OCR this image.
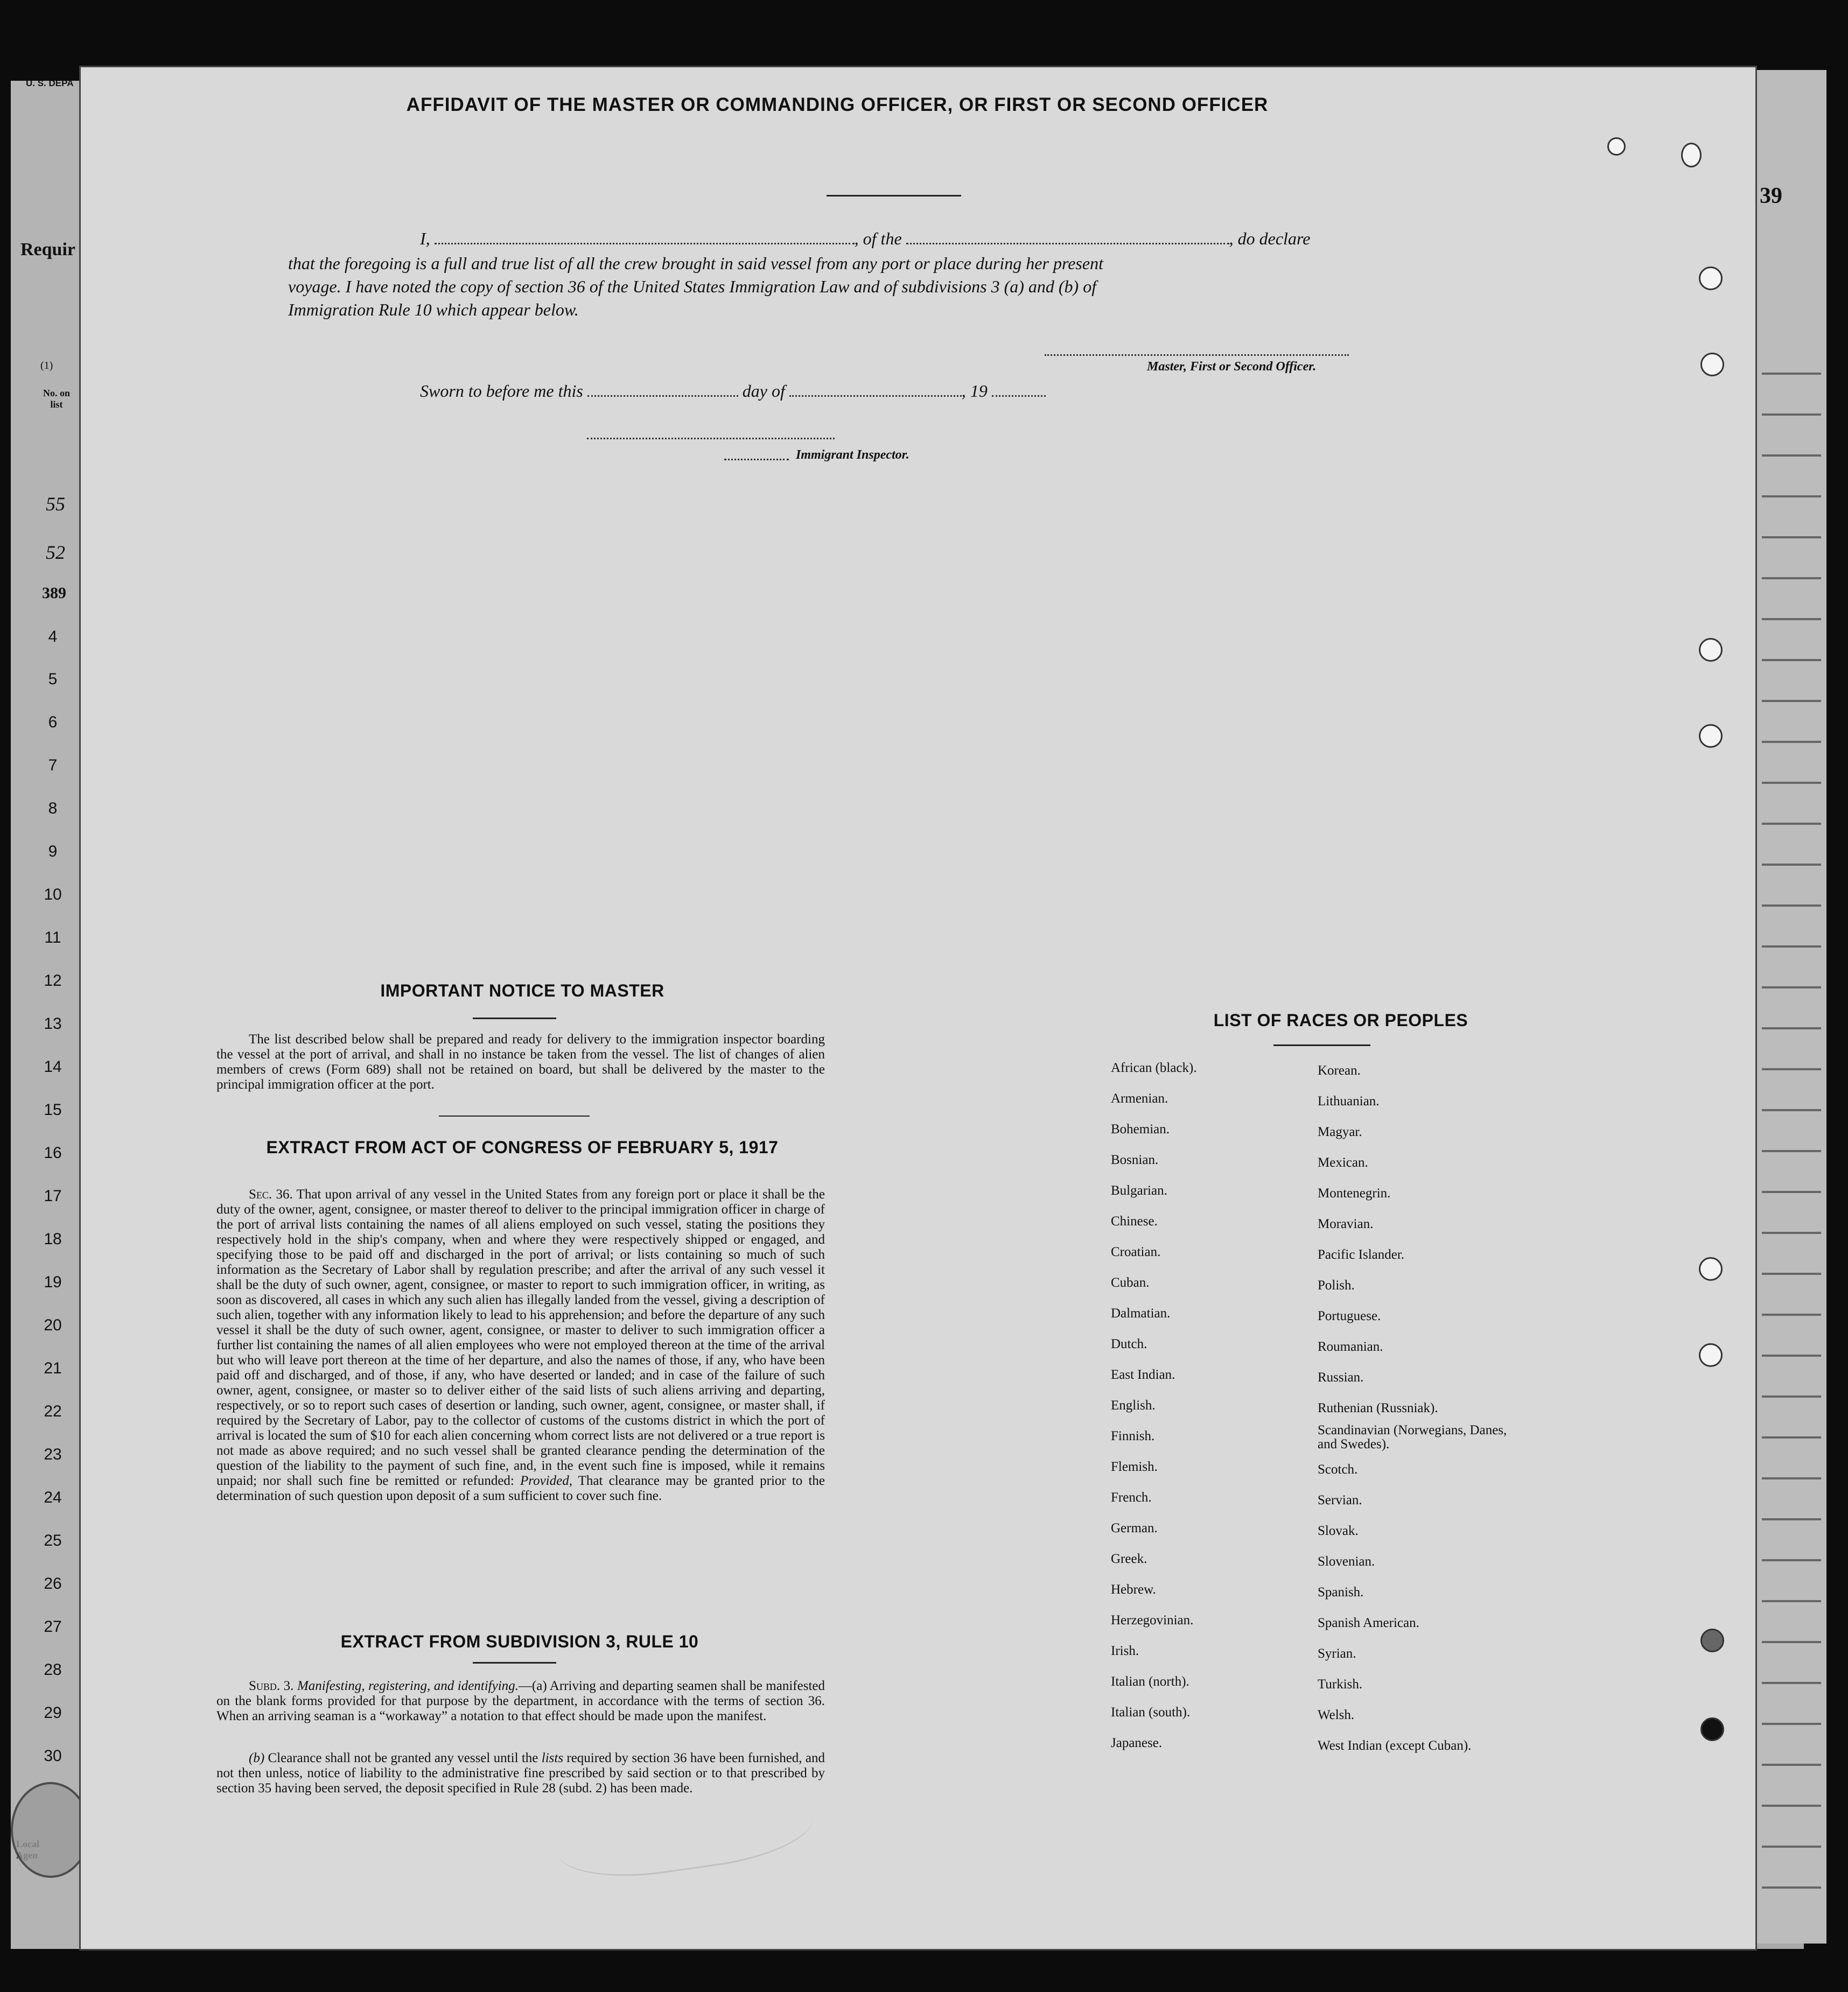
U. S. DEPA
Requir
(1)
No. on list
55
52
389
4
5
6
7
8
9
10
11
12
13
14
15
16
17
18
19
20
21
22
23
24
25
26
27
28
29
30
39
AFFIDAVIT OF THE MASTER OR COMMANDING OFFICER, OR FIRST OR SECOND OFFICER
I,	, of the	, do declare
that the foregoing is a full and true list of all the crew brought in said vessel from any port or place during her present
voyage. I have noted the copy of section 36 of the United States Immigration Law and of subdivisions 3 (a) and (b) of
Immigration Rule 10 which appear below.
Master, First or Second Officer.
Sworn to before me this	day of	, 19
Immigrant Inspector.
IMPORTANT NOTICE TO MASTER
The list described below shall be prepared and ready for delivery to the immigration inspector boarding the vessel at the port of arrival, and shall in no instance be taken from the vessel. The list of changes of alien members of crews (Form 689) shall not be retained on board, but shall be delivered by the master to the principal immigration officer at the port.
EXTRACT FROM ACT OF CONGRESS OF FEBRUARY 5, 1917
Sec. 36. That upon arrival of any vessel in the United States from any foreign port or place it shall be the duty of the owner, agent, consignee, or master thereof to deliver to the principal immigration officer in charge of the port of arrival lists containing the names of all aliens employed on such vessel, stating the positions they respectively hold in the ship's company, when and where they were respectively shipped or engaged, and specifying those to be paid off and discharged in the port of arrival; or lists containing so much of such information as the Secretary of Labor shall by regulation prescribe; and after the arrival of any such vessel it shall be the duty of such owner, agent, consignee, or master to report to such immigration officer, in writing, as soon as discovered, all cases in which any such alien has illegally landed from the vessel, giving a description of such alien, together with any information likely to lead to his apprehension; and before the departure of any such vessel it shall be the duty of such owner, agent, consignee, or master to deliver to such immigration officer a further list containing the names of all alien employees who were not employed thereon at the time of the arrival but who will leave port thereon at the time of her departure, and also the names of those, if any, who have been paid off and discharged, and of those, if any, who have deserted or landed; and in case of the failure of such owner, agent, consignee, or master so to deliver either of the said lists of such aliens arriving and departing, respectively, or so to report such cases of desertion or landing, such owner, agent, consignee, or master shall, if required by the Secretary of Labor, pay to the collector of customs of the customs district in which the port of arrival is located the sum of $10 for each alien concerning whom correct lists are not delivered or a true report is not made as above required; and no such vessel shall be granted clearance pending the determination of the question of the liability to the payment of such fine, and, in the event such fine is imposed, while it remains unpaid; nor shall such fine be remitted or refunded: Provided, That clearance may be granted prior to the determination of such question upon deposit of a sum sufficient to cover such fine.
EXTRACT FROM SUBDIVISION 3, RULE 10
Subd. 3. Manifesting, registering, and identifying.—(a) Arriving and departing seamen shall be manifested on the blank forms provided for that purpose by the department, in accordance with the terms of section 36. When an arriving seaman is a “workaway” a notation to that effect should be made upon the manifest.
(b) Clearance shall not be granted any vessel until the lists required by section 36 have been furnished, and not then unless, notice of liability to the administrative fine prescribed by said section or to that prescribed by section 35 having been served, the deposit specified in Rule 28 (subd. 2) has been made.
LIST OF RACES OR PEOPLES
African (black).
Armenian.
Bohemian.
Bosnian.
Bulgarian.
Chinese.
Croatian.
Cuban.
Dalmatian.
Dutch.
East Indian.
English.
Finnish.
Flemish.
French.
German.
Greek.
Hebrew.
Herzegovinian.
Irish.
Italian (north).
Italian (south).
Japanese.
Korean.
Lithuanian.
Magyar.
Mexican.
Montenegrin.
Moravian.
Pacific Islander.
Polish.
Portuguese.
Roumanian.
Russian.
Ruthenian (Russniak).
Scandinavian (Norwegians, Danes, and Swedes).
Scotch.
Servian.
Slovak.
Slovenian.
Spanish.
Spanish American.
Syrian.
Turkish.
Welsh.
West Indian (except Cuban).
